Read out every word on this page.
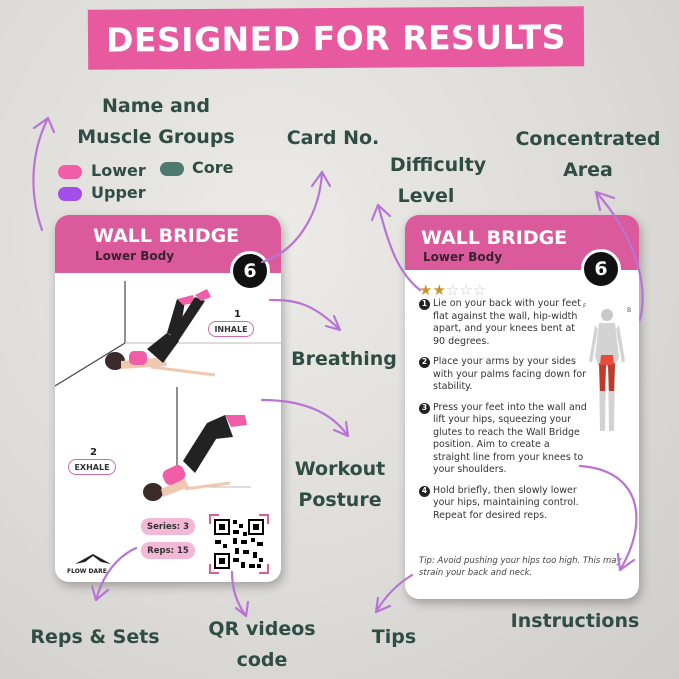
DESIGNED FOR RESULTS
Name and
Muscle Groups	Card No.
Difficulty
Level
Concentrated
Area
Breathing
Workout
Posture
Reps & Sets	QR videos
code
Tips
Instructions
Lower	Core
Upper
WALL BRIDGE
Lower Body
6
1
INHALE
2
EXHALE
Series: 3
Reps: 15
FLOW DARE
WALL BRIDGE
Lower Body
6
★★☆☆☆
1 Lie on your back with your feet flat against the wall, hip-width apart, and your knees bent at 90 degrees.
2 Place your arms by your sides with your palms facing down for stability.
3 Press your feet into the wall and lift your hips, squeezing your glutes to reach the Wall Bridge position. Aim to create a straight line from your knees to your shoulders.
4 Hold briefly, then slowly lower your hips, maintaining control. Repeat for desired reps.
F
B
Tip: Avoid pushing your hips too high. This may strain your back and neck.
